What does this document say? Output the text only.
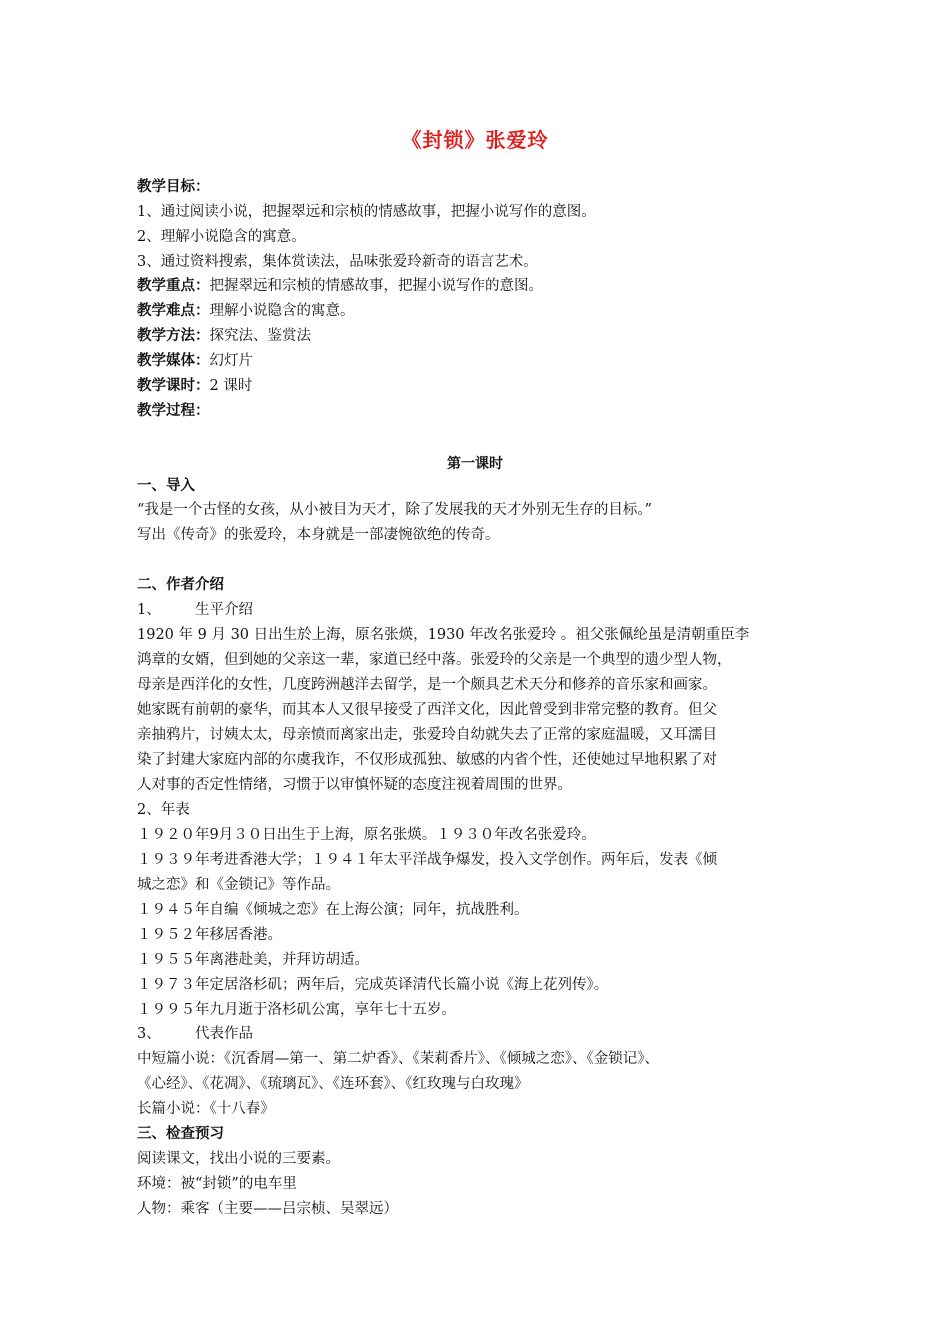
《封锁》张爱玲
教学目标：
1、通过阅读小说，把握翠远和宗桢的情感故事，把握小说写作的意图。
2、理解小说隐含的寓意。
3、通过资料搜索，集体赏读法，品味张爱玲新奇的语言艺术。
教学重点：把握翠远和宗桢的情感故事，把握小说写作的意图。
教学难点：理解小说隐含的寓意。
教学方法：探究法、鉴赏法
教学媒体：幻灯片
教学课时：2 课时
教学过程：
第一课时
一、导入
“我是一个古怪的女孩，从小被目为天才，除了发展我的天才外别无生存的目标。”
写出《传奇》的张爱玲，本身就是一部凄惋欲绝的传奇。
二、作者介绍
1、 生平介绍
1920 年 9 月 30 日出生於上海，原名张煐，1930 年改名张爱玲 。祖父张佩纶虽是清朝重臣李
鸿章的女婿，但到她的父亲这一辈，家道已经中落。张爱玲的父亲是一个典型的遗少型人物，
母亲是西洋化的女性，几度跨洲越洋去留学，是一个颇具艺术天分和修养的音乐家和画家。
她家既有前朝的豪华，而其本人又很早接受了西洋文化，因此曾受到非常完整的教育。但父
亲抽鸦片，讨姨太太，母亲愤而离家出走，张爱玲自幼就失去了正常的家庭温暖，又耳濡目
染了封建大家庭内部的尔虞我诈，不仅形成孤独、敏感的内省个性，还使她过早地积累了对
人对事的否定性情绪，习惯于以审慎怀疑的态度注视着周围的世界。
2、年表
１９２０年9月３０日出生于上海，原名张煐。１９３０年改名张爱玲。
１９３９年考进香港大学；１９４１年太平洋战争爆发，投入文学创作。两年后，发表《倾
城之恋》和《金锁记》等作品。
１９４５年自编《倾城之恋》在上海公演；同年，抗战胜利。
１９５２年移居香港。
１９５５年离港赴美，并拜访胡适。
１９７３年定居洛杉矶；两年后，完成英译清代长篇小说《海上花列传》。
１９９５年九月逝于洛杉矶公寓，享年七十五岁。
3、 代表作品
中短篇小说：《沉香屑—第一、第二炉香》、《茉莉香片》、《倾城之恋》、《金锁记》、
《心经》、《花凋》、《琉璃瓦》、《连环套》、《红玫瑰与白玫瑰》
长篇小说：《十八春》
三、检查预习
阅读课文，找出小说的三要素。
环境：被“封锁”的电车里
人物：乘客（主要——吕宗桢、吴翠远）
